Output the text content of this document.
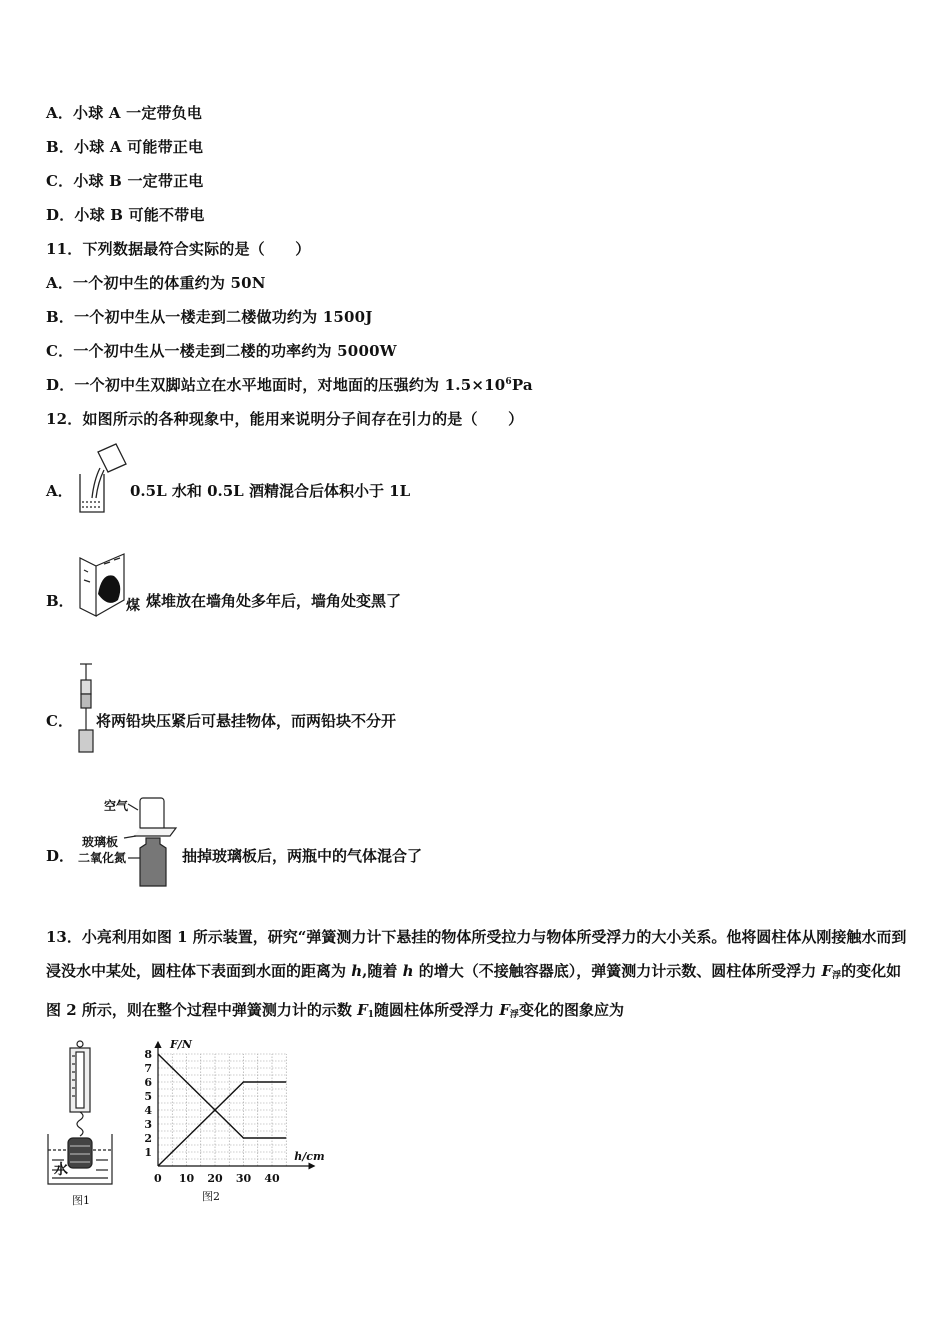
A．小球 A 一定带负电
B．小球 A 可能带正电
C．小球 B 一定带正电
D．小球 B 可能不带电
11．下列数据最符合实际的是（　　）
A．一个初中生的体重约为 50N
B．一个初中生从一楼走到二楼做功约为 1500J
C．一个初中生从一楼走到二楼的功率约为 5000W
D．一个初中生双脚站立在水平地面时，对地面的压强约为 $1.5\times 10^6Pa$
12．如图所示的各种现象中，能用来说明分子间存在引力的是（　　）
A．	0.5L 水和 0.5L 酒精混合后体积小于 1L
B．	煤 煤堆放在墙角处多年后，墙角处变黑了
C． 将两铅块压紧后可悬挂物体，而两铅块不分开
D．
空气
玻璃板
二氧化氮	抽掉玻璃板后，两瓶中的气体混合了
13．小亮利用如图 1 所示装置，研究“弹簧测力计下悬挂的物体所受拉力与物体所受浮力的大小关系。他将圆柱体从刚接触水而到浸没水中某处，圆柱体下表面到水面的距离为 h,随着 h 的增大（不接触容器底），弹簧测力计示数、圆柱体所受浮力 $F_浮$的变化如图 2 所示，则在整个过程中弹簧测力计的示数 $F_1$随圆柱体所受浮力 $F_浮$变化的图象应为
水
图1
10 20 30 40
1
2
3
4
5
6
7
8
F/N
h/cm
0
图2
